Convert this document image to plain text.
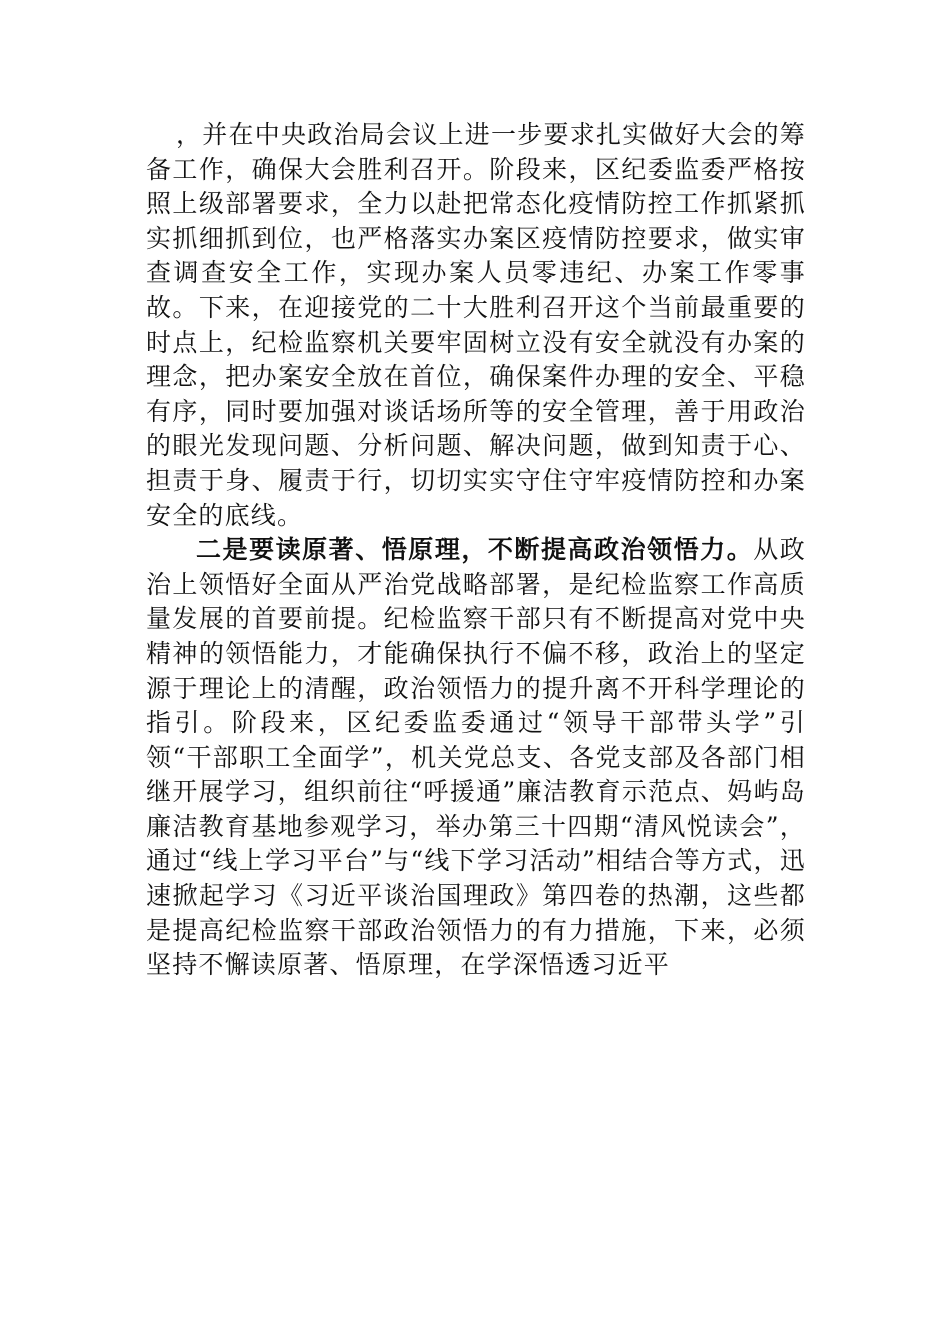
，并在中央政治局会议上进一步要求扎实做好大会的筹备工作，确保大会胜利召开。阶段来，区纪委监委严格按照上级部署要求，全力以赴把常态化疫情防控工作抓紧抓实抓细抓到位，也严格落实办案区疫情防控要求，做实审查调查安全工作，实现办案人员零违纪、办案工作零事故。下来，在迎接党的二十大胜利召开这个当前最重要的时点上，纪检监察机关要牢固树立没有安全就没有办案的理念，把办案安全放在首位，确保案件办理的安全、平稳有序，同时要加强对谈话场所等的安全管理，善于用政治的眼光发现问题、分析问题、解决问题，做到知责于心、担责于身、履责于行，切切实实守住守牢疫情防控和办案安全的底线。

二是要读原著、悟原理，不断提高政治领悟力。从政治上领悟好全面从严治党战略部署，是纪检监察工作高质量发展的首要前提。纪检监察干部只有不断提高对党中央精神的领悟能力，才能确保执行不偏不移，政治上的坚定源于理论上的清醒，政治领悟力的提升离不开科学理论的指引。阶段来，区纪委监委通过“领导干部带头学”引领“干部职工全面学”，机关党总支、各党支部及各部门相继开展学习，组织前往“呼援通”廉洁教育示范点、妈屿岛廉洁教育基地参观学习，举办第三十四期“清风悦读会”，通过“线上学习平台”与“线下学习活动”相结合等方式，迅速掀起学习《习近平谈治国理政》第四卷的热潮，这些都是提高纪检监察干部政治领悟力的有力措施，下来，必须坚持不懈读原著、悟原理，在学深悟透习近平
